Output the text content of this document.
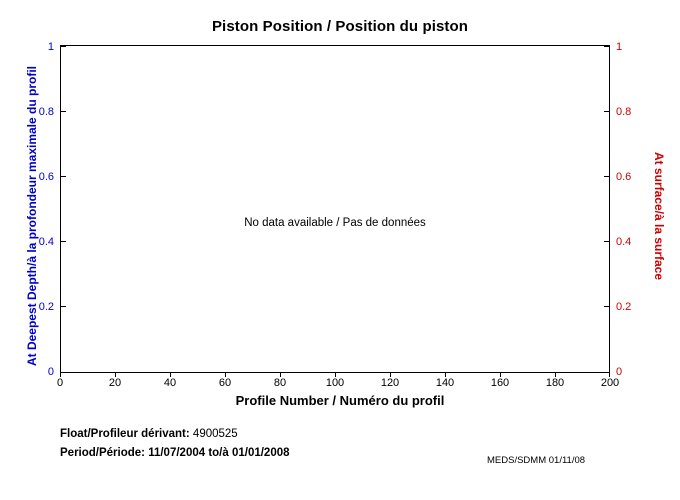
Piston Position / Position du piston
No data available / Pas de données
0	20	40	60	80	100	120	140	160	180	200
0
0.2
0.4
0.6
0.8
1
0
0.2
0.4
0.6
0.8
1
Profile Number / Numéro du profil
At Deepest Depth/à la profondeur maximale du profil	At surface/à la surface
Float/Profileur dérivant: 4900525
Period/Période: 11/07/2004 to/à 01/01/2008
MEDS/SDMM 01/11/08
